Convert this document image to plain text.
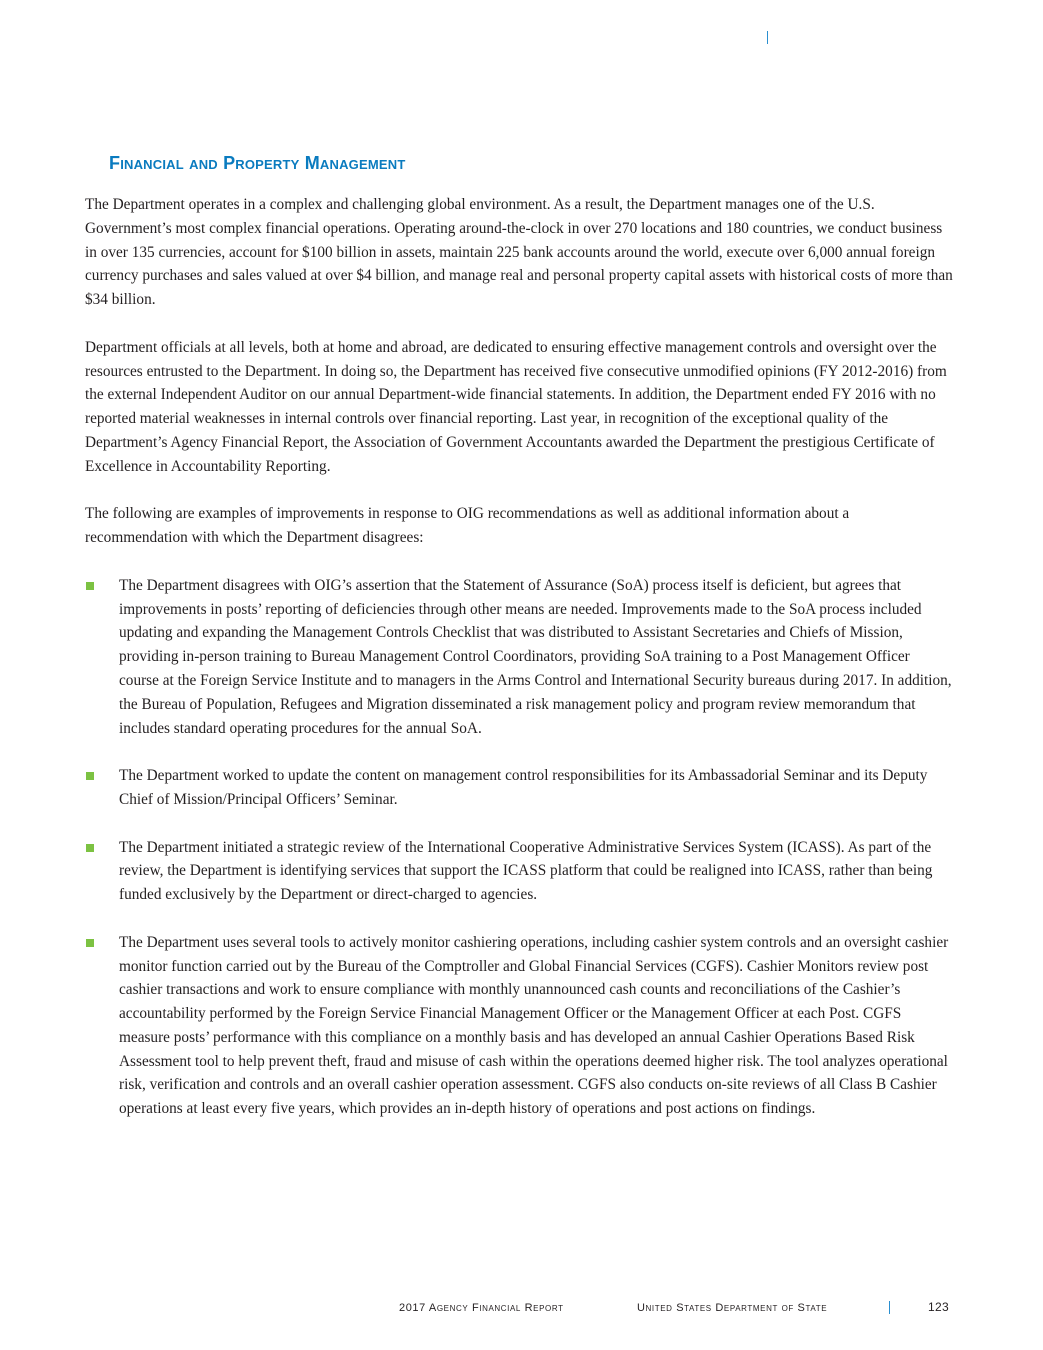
Financial and Property Management

The Department operates in a complex and challenging global environment. As a result, the Department manages one of the U.S. Government’s most complex financial operations. Operating around-the-clock in over 270 locations and 180 countries, we conduct business in over 135 currencies, account for $100 billion in assets, maintain 225 bank accounts around the world, execute over 6,000 annual foreign currency purchases and sales valued at over $4 billion, and manage real and personal property capital assets with historical costs of more than $34 billion.

Department officials at all levels, both at home and abroad, are dedicated to ensuring effective management controls and oversight over the resources entrusted to the Department. In doing so, the Department has received five consecutive unmodified opinions (FY 2012-2016) from the external Independent Auditor on our annual Department-wide financial statements. In addition, the Department ended FY 2016 with no reported material weaknesses in internal controls over financial reporting. Last year, in recognition of the exceptional quality of the Department’s Agency Financial Report, the Association of Government Accountants awarded the Department the prestigious Certificate of Excellence in Accountability Reporting.

The following are examples of improvements in response to OIG recommendations as well as additional information about a recommendation with which the Department disagrees:

The Department disagrees with OIG’s assertion that the Statement of Assurance (SoA) process itself is deficient, but agrees that improvements in posts’ reporting of deficiencies through other means are needed. Improvements made to the SoA process included updating and expanding the Management Controls Checklist that was distributed to Assistant Secretaries and Chiefs of Mission, providing in-person training to Bureau Management Control Coordinators, providing SoA training to a Post Management Officer course at the Foreign Service Institute and to managers in the Arms Control and International Security bureaus during 2017. In addition, the Bureau of Population, Refugees and Migration disseminated a risk management policy and program review memorandum that includes standard operating procedures for the annual SoA.
The Department worked to update the content on management control responsibilities for its Ambassadorial Seminar and its Deputy Chief of Mission/Principal Officers’ Seminar.
The Department initiated a strategic review of the International Cooperative Administrative Services System (ICASS). As part of the review, the Department is identifying services that support the ICASS platform that could be realigned into ICASS, rather than being funded exclusively by the Department or direct-charged to agencies.
The Department uses several tools to actively monitor cashiering operations, including cashier system controls and an oversight cashier monitor function carried out by the Bureau of the Comptroller and Global Financial Services (CGFS). Cashier Monitors review post cashier transactions and work to ensure compliance with monthly unannounced cash counts and reconciliations of the Cashier’s accountability performed by the Foreign Service Financial Management Officer or the Management Officer at each Post. CGFS measure posts’ performance with this compliance on a monthly basis and has developed an annual Cashier Operations Based Risk Assessment tool to help prevent theft, fraud and misuse of cash within the operations deemed higher risk. The tool analyzes operational risk, verification and controls and an overall cashier operation assessment. CGFS also conducts on-site reviews of all Class B Cashier operations at least every five years, which provides an in-depth history of operations and post actions on findings.
2017 Agency Financial Report	United States Department of State	123
